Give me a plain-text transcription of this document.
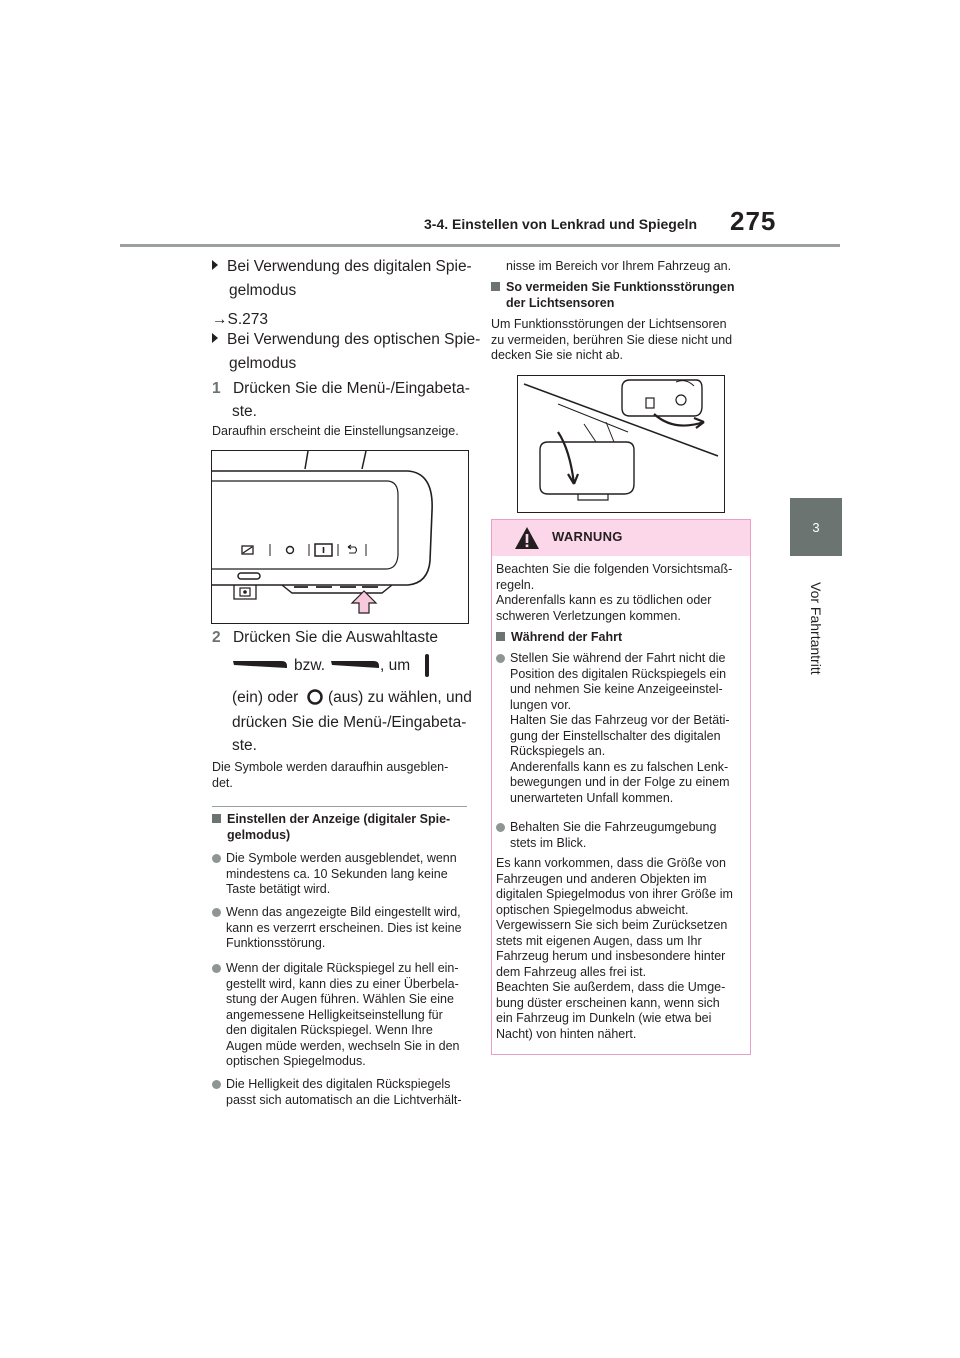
3-4. Einstellen von Lenkrad und Spiegeln 275
3
Vor Fahrtantritt
Bei Verwendung des digitalen Spie-
gelmodus
→S.273
Bei Verwendung des optischen Spie-
gelmodus
1 Drücken Sie die Menü-/Eingabeta-
ste.
Daraufhin erscheint die Einstellungsanzeige.
2 Drücken Sie die Auswahltaste
bzw.	, um
(ein) oder (aus) zu wählen, und
drücken Sie die Menü-/Eingabeta-
ste.
Die Symbole werden daraufhin ausgeblen-
det.
Einstellen der Anzeige (digitaler Spie-
gelmodus)
Die Symbole werden ausgeblendet, wenn
mindestens ca. 10 Sekunden lang keine
Taste betätigt wird.
Wenn das angezeigte Bild eingestellt wird,
kann es verzerrt erscheinen. Dies ist keine
Funktionsstörung.
Wenn der digitale Rückspiegel zu hell ein-
gestellt wird, kann dies zu einer Überbela-
stung der Augen führen. Wählen Sie eine
angemessene Helligkeitseinstellung für
den digitalen Rückspiegel. Wenn Ihre
Augen müde werden, wechseln Sie in den
optischen Spiegelmodus.
Die Helligkeit des digitalen Rückspiegels
passt sich automatisch an die Lichtverhält-
nisse im Bereich vor Ihrem Fahrzeug an.
So vermeiden Sie Funktionsstörungen
der Lichtsensoren
Um Funktionsstörungen der Lichtsensoren
zu vermeiden, berühren Sie diese nicht und
decken Sie sie nicht ab.
WARNUNG
Beachten Sie die folgenden Vorsichtsmaß-
regeln.
Anderenfalls kann es zu tödlichen oder
schweren Verletzungen kommen.
Während der Fahrt
Stellen Sie während der Fahrt nicht die
Position des digitalen Rückspiegels ein
und nehmen Sie keine Anzeigeeinstel-
lungen vor.
Halten Sie das Fahrzeug vor der Betäti-
gung der Einstellschalter des digitalen
Rückspiegels an.
Anderenfalls kann es zu falschen Lenk-
bewegungen und in der Folge zu einem
unerwarteten Unfall kommen.
Behalten Sie die Fahrzeugumgebung
stets im Blick.
Es kann vorkommen, dass die Größe von
Fahrzeugen und anderen Objekten im
digitalen Spiegelmodus von ihrer Größe im
optischen Spiegelmodus abweicht.
Vergewissern Sie sich beim Zurücksetzen
stets mit eigenen Augen, dass um Ihr
Fahrzeug herum und insbesondere hinter
dem Fahrzeug alles frei ist.
Beachten Sie außerdem, dass die Umge-
bung düster erscheinen kann, wenn sich
ein Fahrzeug im Dunkeln (wie etwa bei
Nacht) von hinten nähert.
